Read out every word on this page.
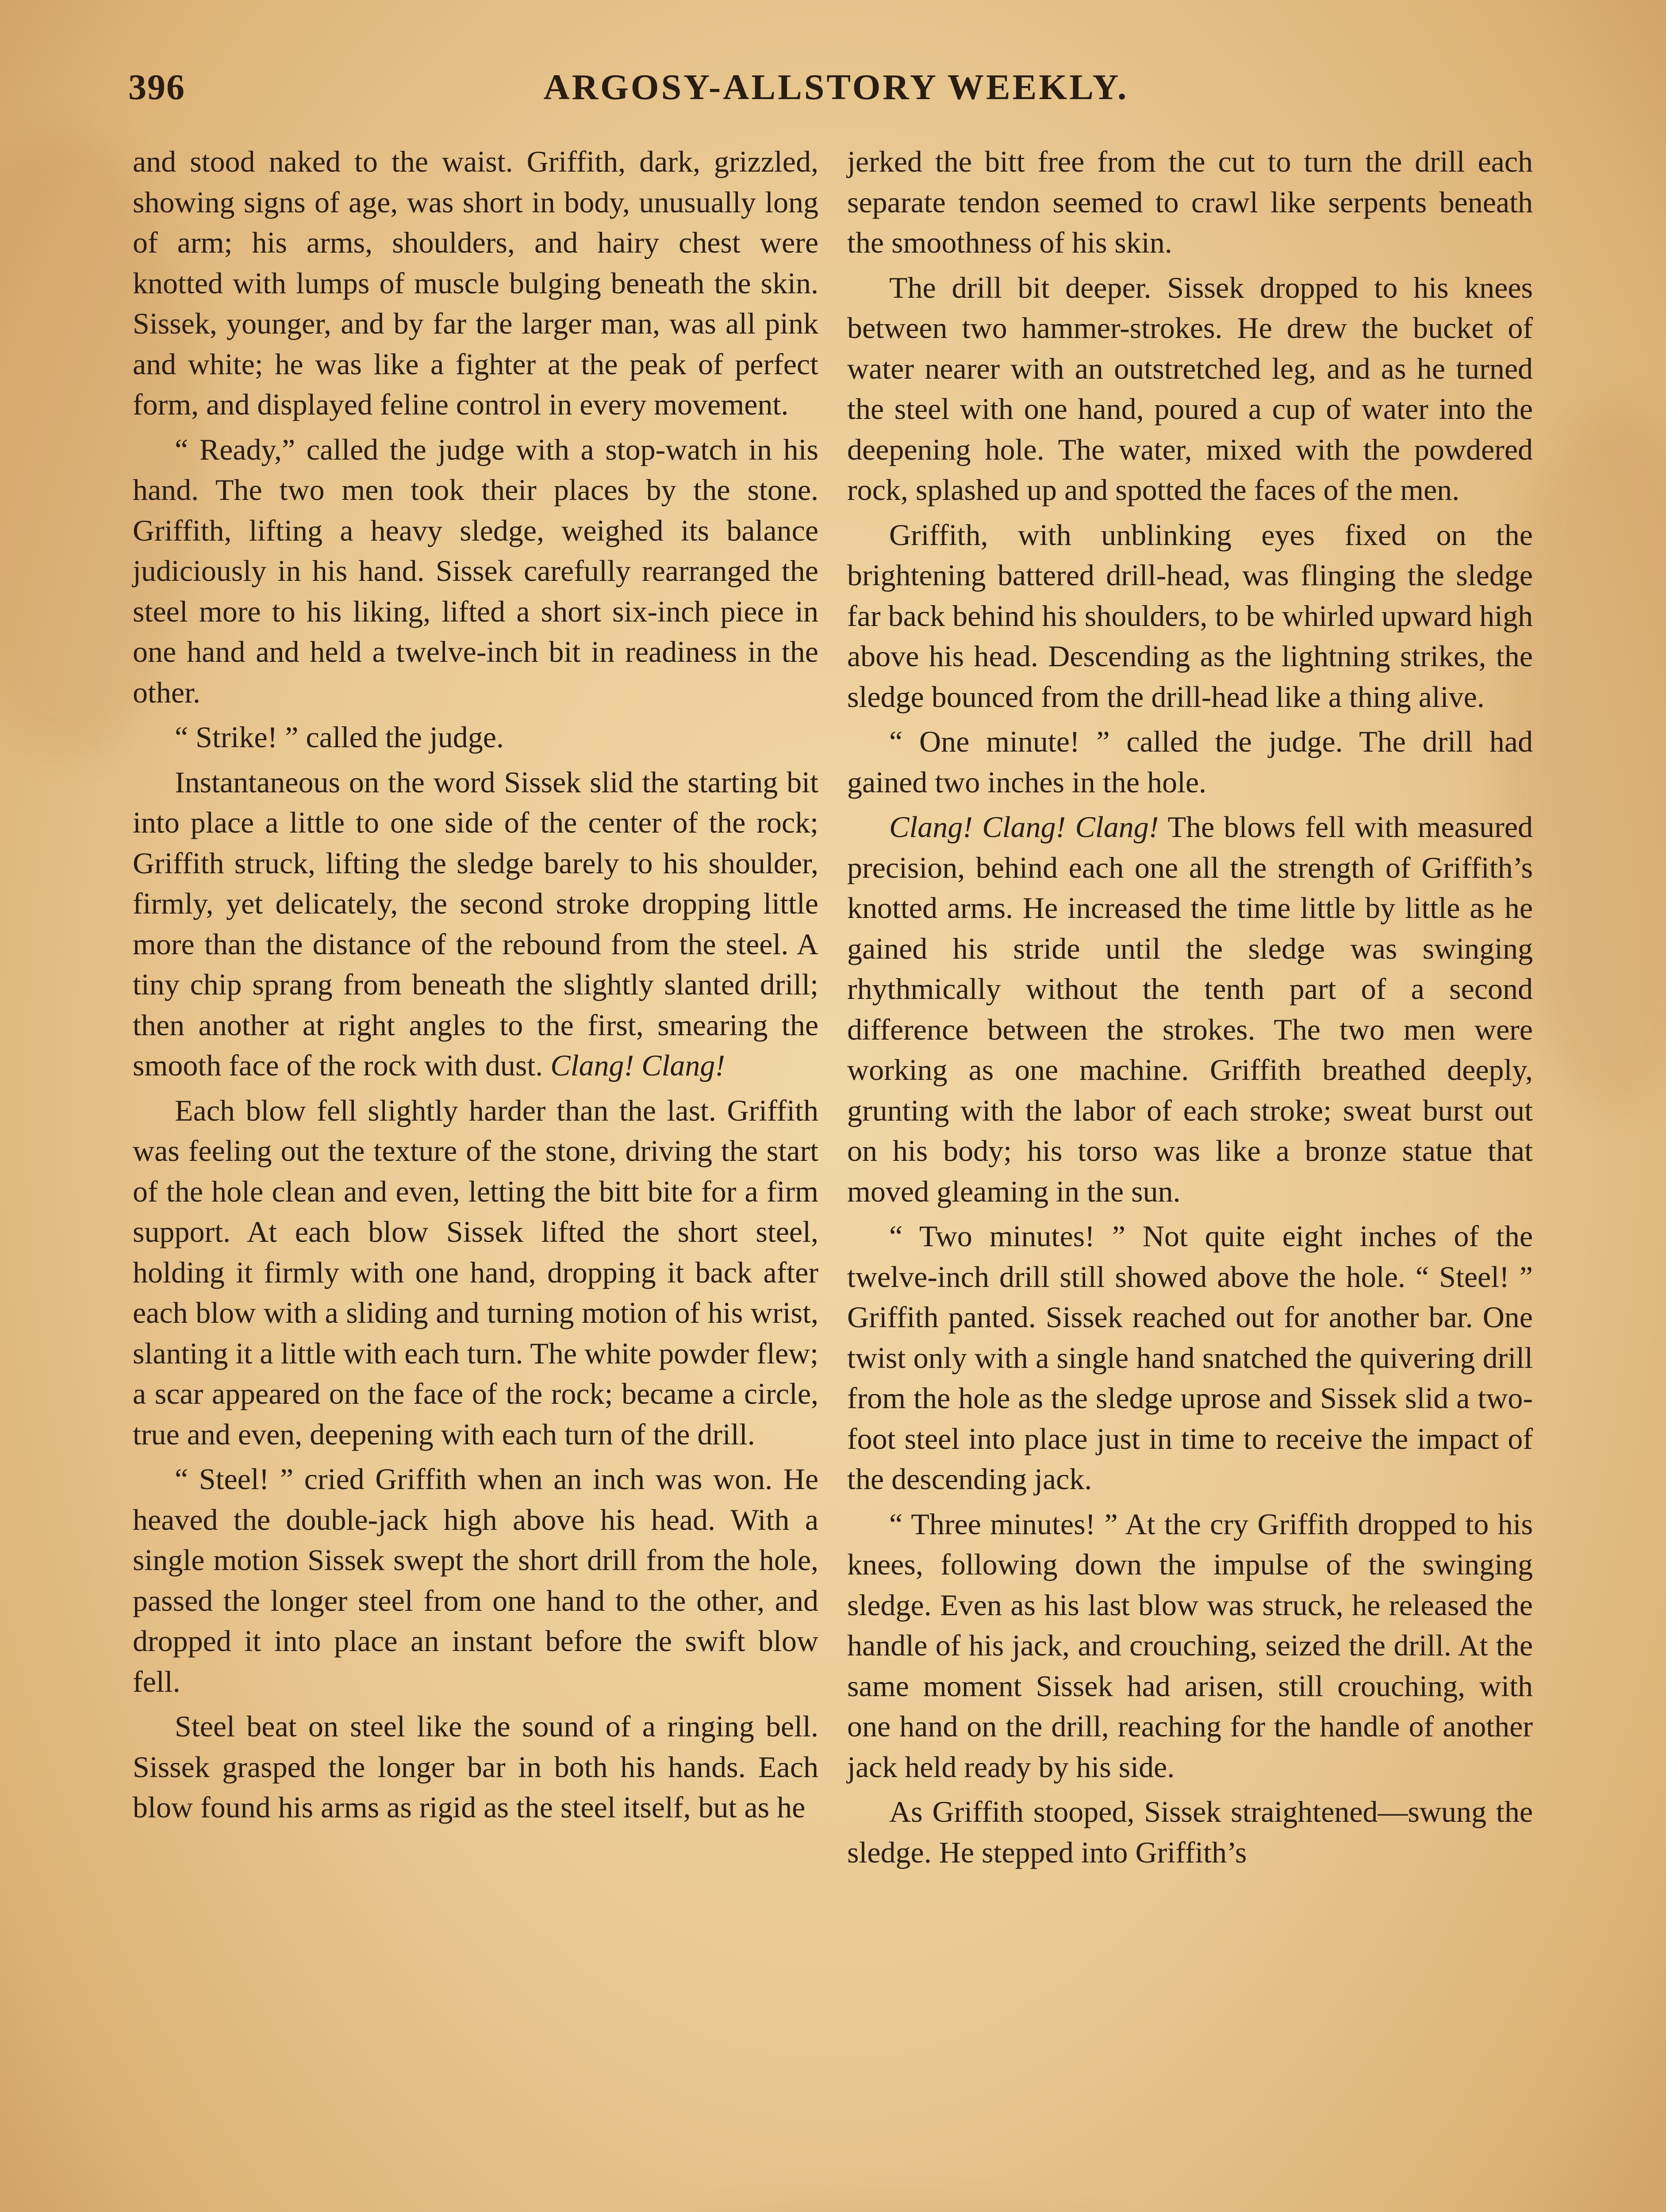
396	ARGOSY-ALLSTORY WEEKLY.

and stood naked to the waist. Griffith, dark, grizzled, showing signs of age, was short in body, unusually long of arm; his arms, shoulders, and hairy chest were knotted with lumps of muscle bulging beneath the skin. Sissek, younger, and by far the larger man, was all pink and white; he was like a fighter at the peak of perfect form, and displayed feline control in every movement.

“ Ready,” called the judge with a stop-watch in his hand. The two men took their places by the stone. Griffith, lifting a heavy sledge, weighed its balance judiciously in his hand. Sissek carefully rearranged the steel more to his liking, lifted a short six-inch piece in one hand and held a twelve-inch bit in readiness in the other.

“ Strike! ” called the judge.

Instantaneous on the word Sissek slid the starting bit into place a little to one side of the center of the rock; Griffith struck, lifting the sledge barely to his shoulder, firmly, yet delicately, the second stroke dropping little more than the distance of the rebound from the steel. A tiny chip sprang from beneath the slightly slanted drill; then another at right angles to the first, smearing the smooth face of the rock with dust. Clang! Clang!

Each blow fell slightly harder than the last. Griffith was feeling out the texture of the stone, driving the start of the hole clean and even, letting the bitt bite for a firm support. At each blow Sissek lifted the short steel, holding it firmly with one hand, dropping it back after each blow with a sliding and turning motion of his wrist, slanting it a little with each turn. The white powder flew; a scar appeared on the face of the rock; became a circle, true and even, deepening with each turn of the drill.

“ Steel! ” cried Griffith when an inch was won. He heaved the double-jack high above his head. With a single motion Sissek swept the short drill from the hole, passed the longer steel from one hand to the other, and dropped it into place an instant before the swift blow fell.

Steel beat on steel like the sound of a ringing bell. Sissek grasped the longer bar in both his hands. Each blow found his arms as rigid as the steel itself, but as he

jerked the bitt free from the cut to turn the drill each separate tendon seemed to crawl like serpents beneath the smoothness of his skin.

The drill bit deeper. Sissek dropped to his knees between two hammer-strokes. He drew the bucket of water nearer with an outstretched leg, and as he turned the steel with one hand, poured a cup of water into the deepening hole. The water, mixed with the powdered rock, splashed up and spotted the faces of the men.

Griffith, with unblinking eyes fixed on the brightening battered drill-head, was flinging the sledge far back behind his shoulders, to be whirled upward high above his head. Descending as the lightning strikes, the sledge bounced from the drill-head like a thing alive.

“ One minute! ” called the judge. The drill had gained two inches in the hole.

Clang! Clang! Clang! The blows fell with measured precision, behind each one all the strength of Griffith’s knotted arms. He increased the time little by little as he gained his stride until the sledge was swinging rhythmically without the tenth part of a second difference between the strokes. The two men were working as one machine. Griffith breathed deeply, grunting with the labor of each stroke; sweat burst out on his body; his torso was like a bronze statue that moved gleaming in the sun.

“ Two minutes! ” Not quite eight inches of the twelve-inch drill still showed above the hole. “ Steel! ” Griffith panted. Sissek reached out for another bar. One twist only with a single hand snatched the quivering drill from the hole as the sledge uprose and Sissek slid a two-foot steel into place just in time to receive the impact of the descending jack.

“ Three minutes! ” At the cry Griffith dropped to his knees, following down the impulse of the swinging sledge. Even as his last blow was struck, he released the handle of his jack, and crouching, seized the drill. At the same moment Sissek had arisen, still crouching, with one hand on the drill, reaching for the handle of another jack held ready by his side.

As Griffith stooped, Sissek straightened—swung the sledge. He stepped into Griffith’s
